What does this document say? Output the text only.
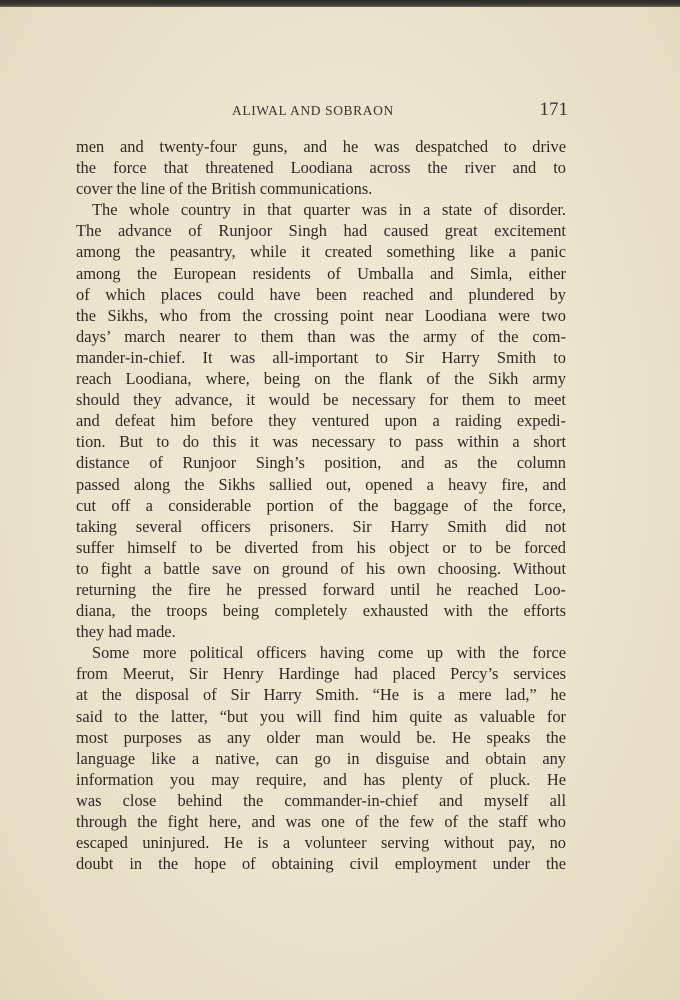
ALIWAL AND SOBRAON	171
men and twenty-four guns, and he was despatched to drive
the force that threatened Loodiana across the river and to
cover the line of the British communications.
The whole country in that quarter was in a state of disorder.
The advance of Runjoor Singh had caused great excitement
among the peasantry, while it created something like a panic
among the European residents of Umballa and Simla, either
of which places could have been reached and plundered by
the Sikhs, who from the crossing point near Loodiana were two
days’ march nearer to them than was the army of the com-
mander-in-chief. It was all-important to Sir Harry Smith to
reach Loodiana, where, being on the flank of the Sikh army
should they advance, it would be necessary for them to meet
and defeat him before they ventured upon a raiding expedi-
tion. But to do this it was necessary to pass within a short
distance of Runjoor Singh’s position, and as the column
passed along the Sikhs sallied out, opened a heavy fire, and
cut off a considerable portion of the baggage of the force,
taking several officers prisoners. Sir Harry Smith did not
suffer himself to be diverted from his object or to be forced
to fight a battle save on ground of his own choosing. Without
returning the fire he pressed forward until he reached Loo-
diana, the troops being completely exhausted with the efforts
they had made.
Some more political officers having come up with the force
from Meerut, Sir Henry Hardinge had placed Percy’s services
at the disposal of Sir Harry Smith. “He is a mere lad,” he
said to the latter, “but you will find him quite as valuable for
most purposes as any older man would be. He speaks the
language like a native, can go in disguise and obtain any
information you may require, and has plenty of pluck. He
was close behind the commander-in-chief and myself all
through the fight here, and was one of the few of the staff who
escaped uninjured. He is a volunteer serving without pay, no
doubt in the hope of obtaining civil employment under the
